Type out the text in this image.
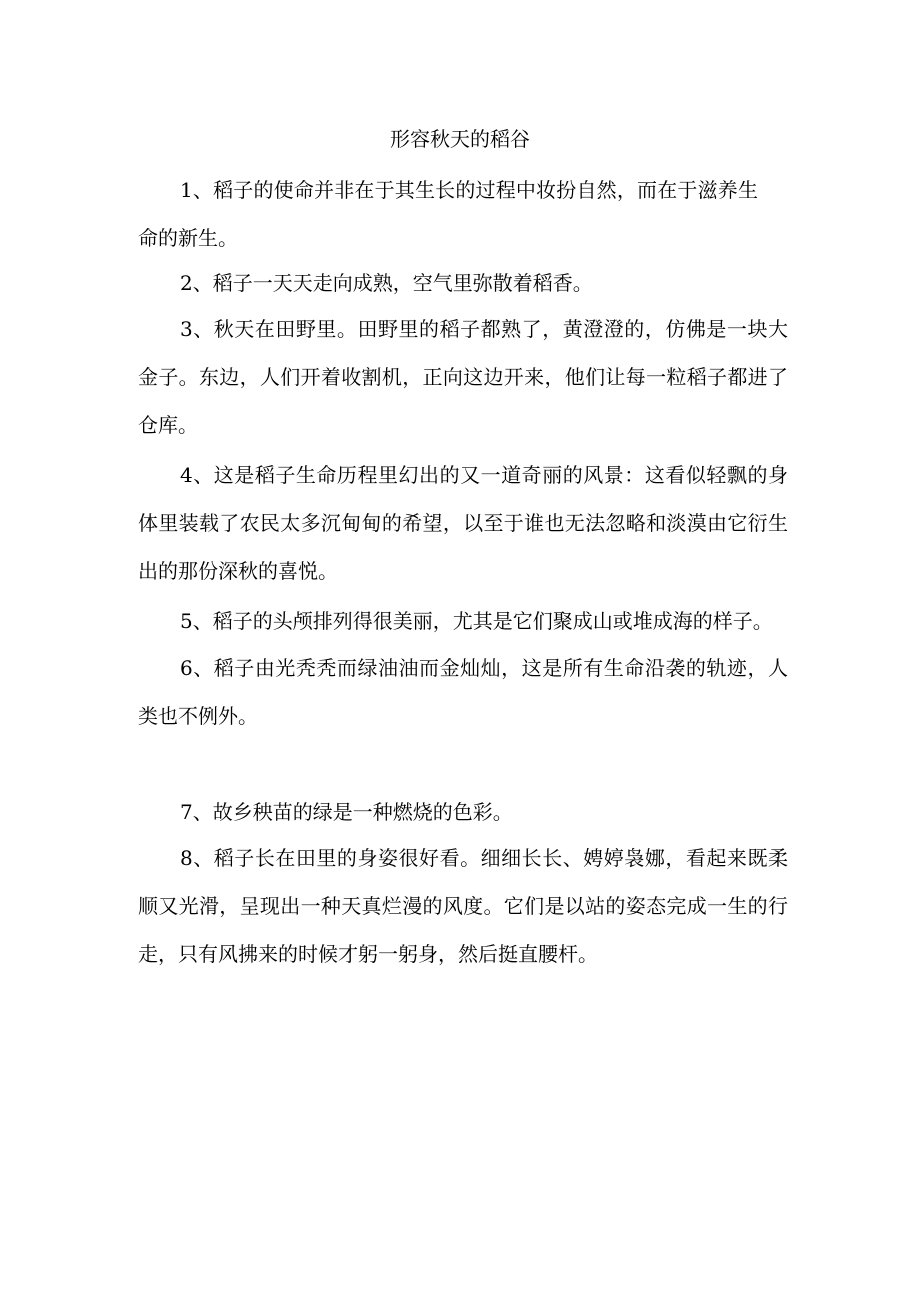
形容秋天的稻谷

1、稻子的使命并非在于其生长的过程中妆扮自然，而在于滋养生命的新生。

2、稻子一天天走向成熟，空气里弥散着稻香。

3、秋天在田野里。田野里的稻子都熟了，黄澄澄的，仿佛是一块大金子。东边，人们开着收割机，正向这边开来，他们让每一粒稻子都进了仓库。

4、这是稻子生命历程里幻出的又一道奇丽的风景：这看似轻飘的身体里装载了农民太多沉甸甸的希望，以至于谁也无法忽略和淡漠由它衍生出的那份深秋的喜悦。

5、稻子的头颅排列得很美丽，尤其是它们聚成山或堆成海的样子。

6、稻子由光秃秃而绿油油而金灿灿，这是所有生命沿袭的轨迹，人类也不例外。

7、故乡秧苗的绿是一种燃烧的色彩。

8、稻子长在田里的身姿很好看。细细长长、娉婷袅娜，看起来既柔顺又光滑，呈现出一种天真烂漫的风度。它们是以站的姿态完成一生的行走，只有风拂来的时候才躬一躬身，然后挺直腰杆。
